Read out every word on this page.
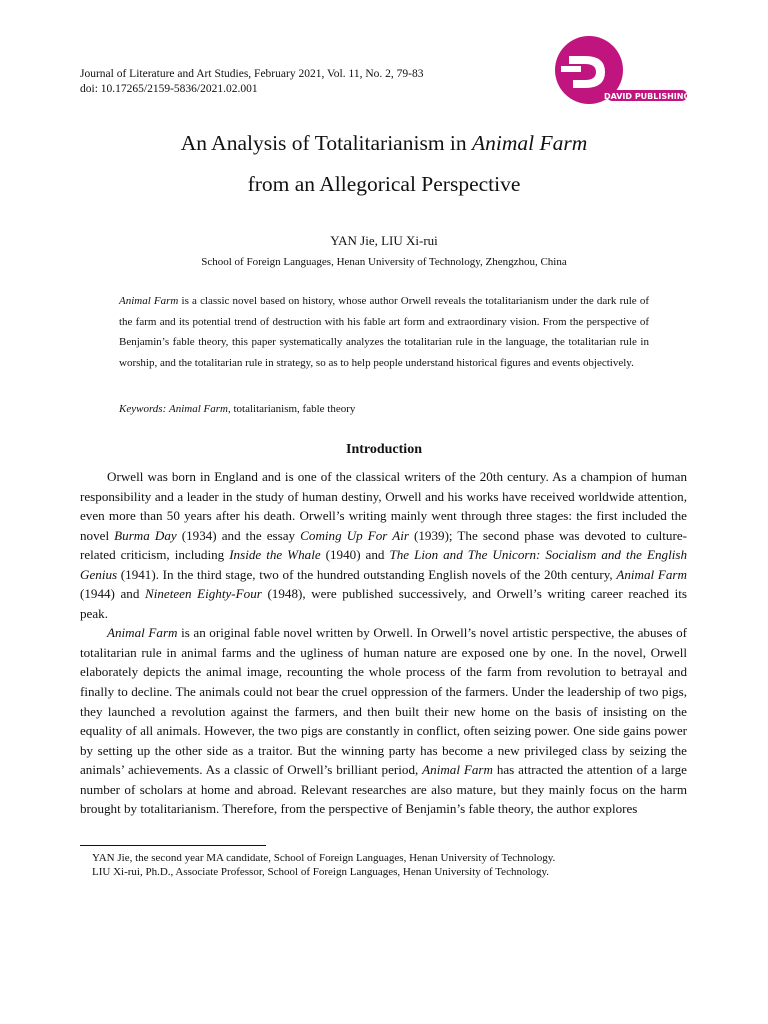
Journal of Literature and Art Studies, February 2021, Vol. 11, No. 2, 79-83
doi: 10.17265/2159-5836/2021.02.001
DAVID PUBLISHING
An Analysis of Totalitarianism in Animal Farm
from an Allegorical Perspective
YAN Jie, LIU Xi-rui
School of Foreign Languages, Henan University of Technology, Zhengzhou, China
Animal Farm is a classic novel based on history, whose author Orwell reveals the totalitarianism under the dark rule of the farm and its potential trend of destruction with his fable art form and extraordinary vision. From the perspective of Benjamin’s fable theory, this paper systematically analyzes the totalitarian rule in the language, the totalitarian rule in worship, and the totalitarian rule in strategy, so as to help people understand historical figures and events objectively.
Keywords: Animal Farm, totalitarianism, fable theory
Introduction

Orwell was born in England and is one of the classical writers of the 20th century. As a champion of human responsibility and a leader in the study of human destiny, Orwell and his works have received worldwide attention, even more than 50 years after his death. Orwell’s writing mainly went through three stages: the first included the novel Burma Day (1934) and the essay Coming Up For Air (1939); The second phase was devoted to culture-related criticism, including Inside the Whale (1940) and The Lion and The Unicorn: Socialism and the English Genius (1941). In the third stage, two of the hundred outstanding English novels of the 20th century, Animal Farm (1944) and Nineteen Eighty-Four (1948), were published successively, and Orwell’s writing career reached its peak.

Animal Farm is an original fable novel written by Orwell. In Orwell’s novel artistic perspective, the abuses of totalitarian rule in animal farms and the ugliness of human nature are exposed one by one. In the novel, Orwell elaborately depicts the animal image, recounting the whole process of the farm from revolution to betrayal and finally to decline. The animals could not bear the cruel oppression of the farmers. Under the leadership of two pigs, they launched a revolution against the farmers, and then built their new home on the basis of insisting on the equality of all animals. However, the two pigs are constantly in conflict, often seizing power. One side gains power by setting up the other side as a traitor. But the winning party has become a new privileged class by seizing the animals’ achievements. As a classic of Orwell’s brilliant period, Animal Farm has attracted the attention of a large number of scholars at home and abroad. Relevant researches are also mature, but they mainly focus on the harm brought by totalitarianism. Therefore, from the perspective of Benjamin’s fable theory, the author explores

YAN Jie, the second year MA candidate, School of Foreign Languages, Henan University of Technology.
LIU Xi-rui, Ph.D., Associate Professor, School of Foreign Languages, Henan University of Technology.
